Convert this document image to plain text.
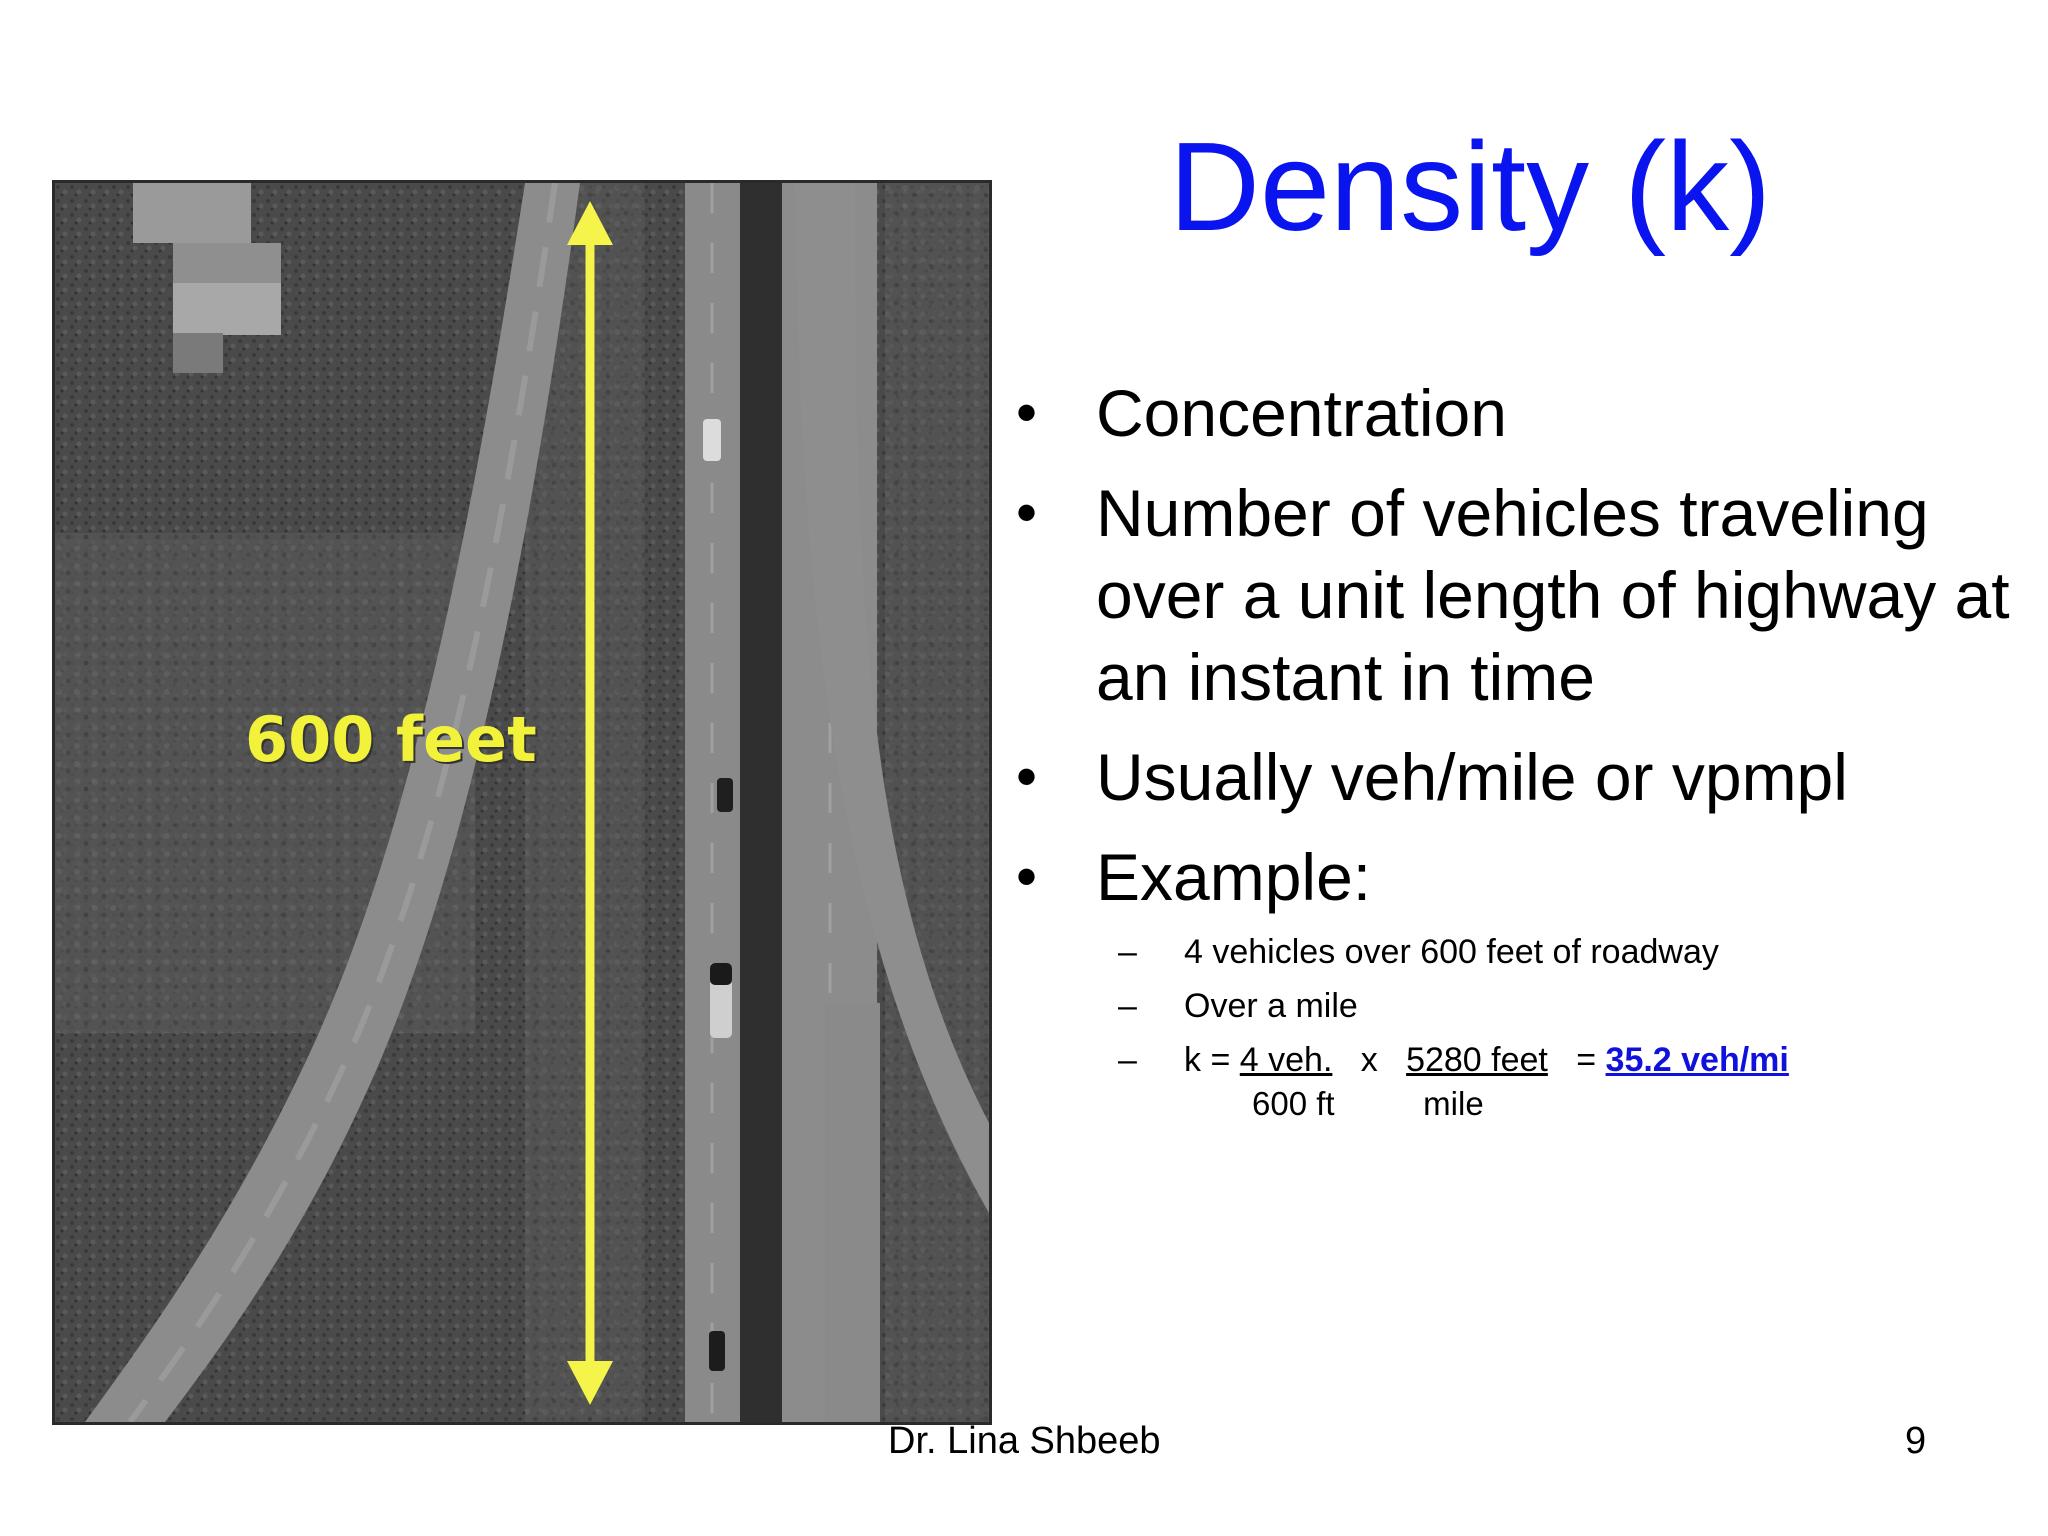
600 feet
Density (k)
• Concentration
• Number of vehicles traveling over a unit length of highway at an instant in time
• Usually veh/mile or vpmpl
• Example:
– 4 vehicles over 600 feet of roadway
– Over a mile
– k = 4 veh. x 5280 feet = 35.2 veh/mi
600 ft	mile
Dr. Lina Shbeeb	9
